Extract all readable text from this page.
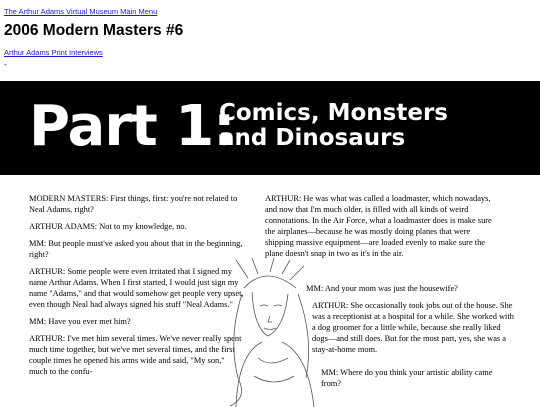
The Arthur Adams Virtual Museum Main Menu
2006 Modern Masters #6
Arthur Adams Print Interviews
-
Part 1:
Comics, Monsters
and Dinosaurs

MODERN MASTERS: First things, first: you're not related to Neal Adams, right?

ARTHUR ADAMS: Not to my knowledge, no.

MM: But people must've asked you about that in the beginning, right?

ARTHUR: Some people were even irritated that I signed my name Arthur Adams. When I first started, I would just sign my name "Adams," and that would somehow get people very upset, even though Neal had always signed his stuff "Neal Adams."

MM: Have you ever met him?

ARTHUR: I've met him several times. We've never really spent much time together, but we've met several times, and the first couple times he opened his arms wide and said, "My son," much to the confu-

ARTHUR: He was what was called a loadmaster, which nowadays, and now that I'm much older, is filled with all kinds of weird connotations. In the Air Force, what a loadmaster does is make sure the airplanes—because he was mostly doing planes that were shipping massive equipment—are loaded evenly to make sure the plane doesn't snap in two as it's in the air.

MM: And your mom was just the housewife?
ARTHUR: She occasionally took jobs out of the house. She was a receptionist at a hospital for a while. She worked with a dog groomer for a little while, because she really liked dogs—and still does. But for the most part, yes, she was a stay-at-home mom.
MM: Where do you think your artistic ability came from?
